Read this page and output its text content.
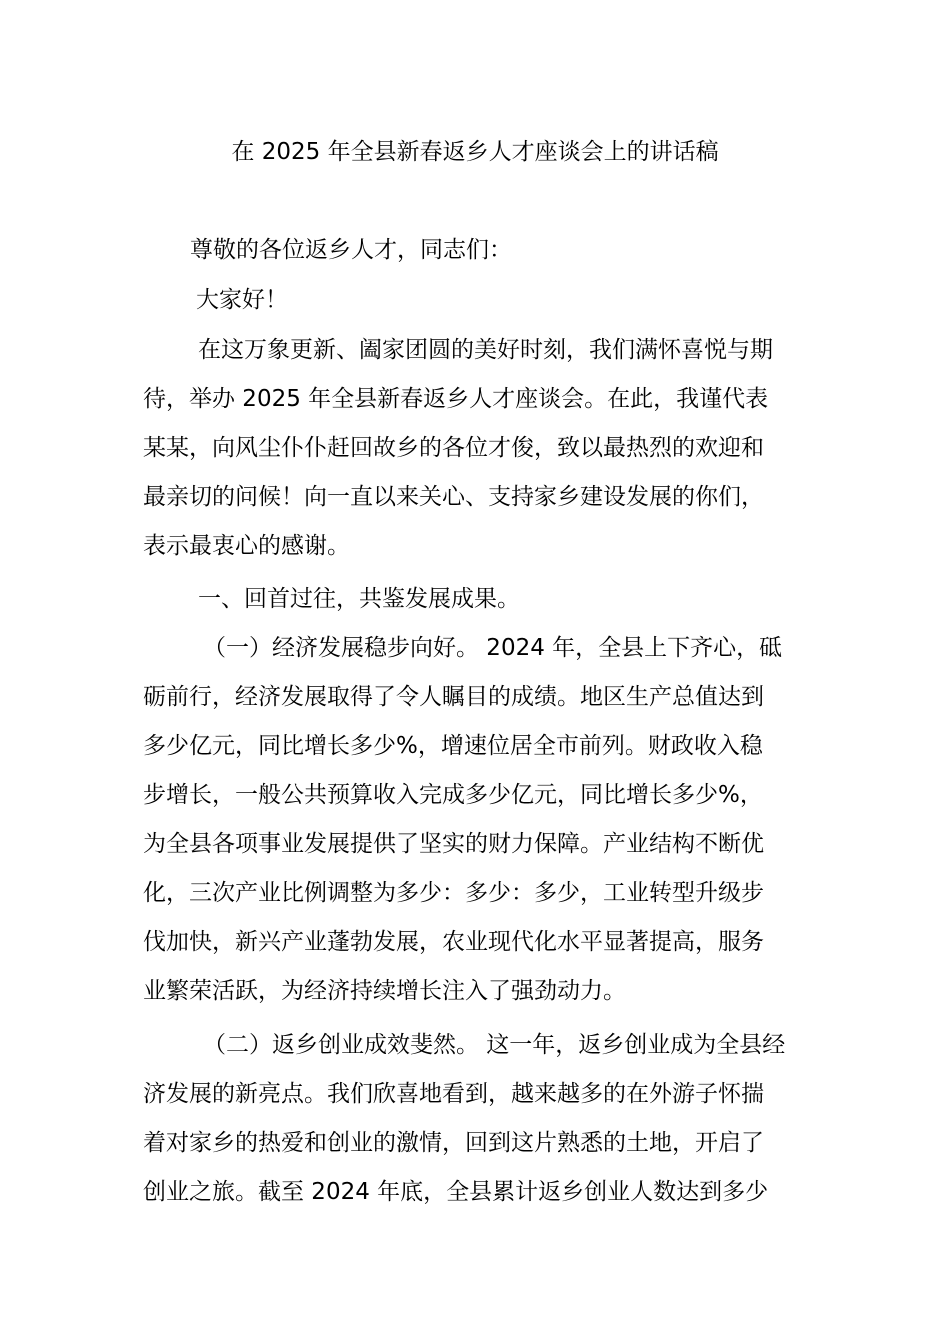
在 2025 年全县新春返乡人才座谈会上的讲话稿
尊敬的各位返乡人才，同志们：
大家好！
在这万象更新、阖家团圆的美好时刻，我们满怀喜悦与期
待，举办 2025 年全县新春返乡人才座谈会。在此，我谨代表
某某，向风尘仆仆赶回故乡的各位才俊，致以最热烈的欢迎和
最亲切的问候！向一直以来关心、支持家乡建设发展的你们，
表示最衷心的感谢。
一、回首过往，共鉴发展成果。
（一）经济发展稳步向好。 2024 年，全县上下齐心，砥
砺前行，经济发展取得了令人瞩目的成绩。地区生产总值达到
多少亿元，同比增长多少%，增速位居全市前列。财政收入稳
步增长，一般公共预算收入完成多少亿元，同比增长多少%，
为全县各项事业发展提供了坚实的财力保障。产业结构不断优
化，三次产业比例调整为多少：多少：多少，工业转型升级步
伐加快，新兴产业蓬勃发展，农业现代化水平显著提高，服务
业繁荣活跃，为经济持续增长注入了强劲动力。
（二）返乡创业成效斐然。 这一年，返乡创业成为全县经
济发展的新亮点。我们欣喜地看到，越来越多的在外游子怀揣
着对家乡的热爱和创业的激情，回到这片熟悉的土地，开启了
创业之旅。截至 2024 年底，全县累计返乡创业人数达到多少
